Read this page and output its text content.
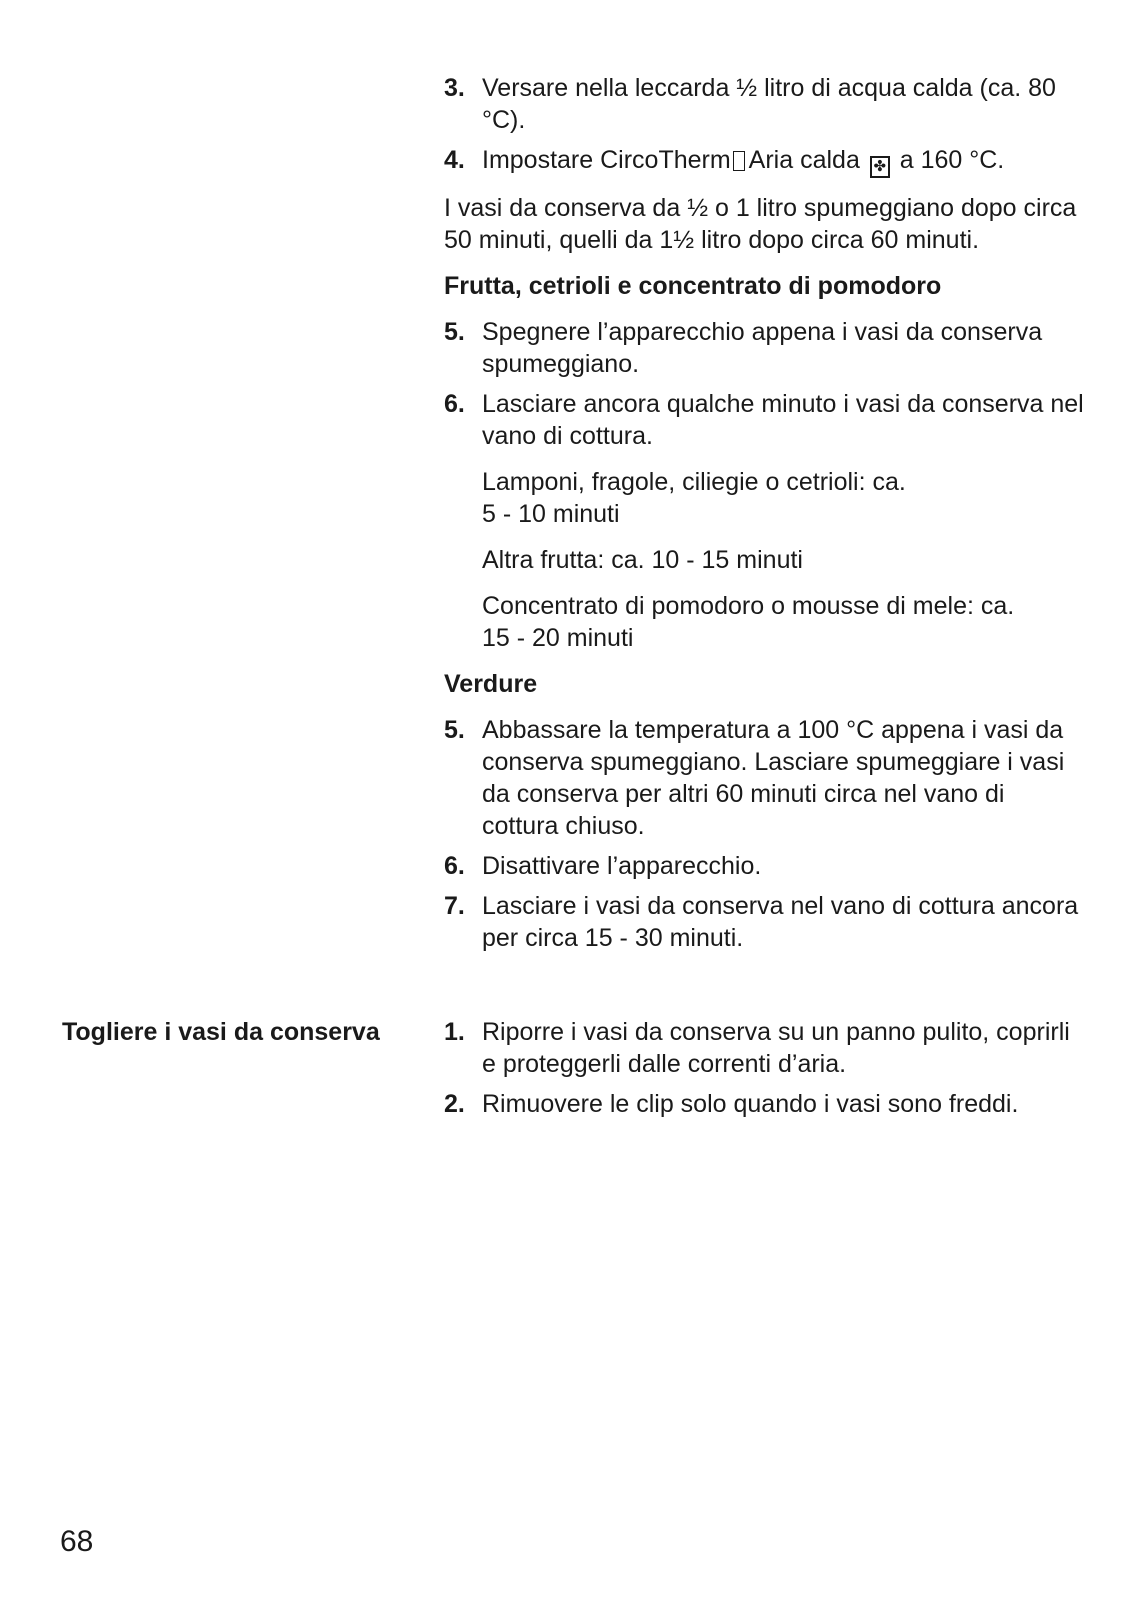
3. Versare nella leccarda ½ litro di acqua calda (ca. 80 °C).
4. Impostare CircoTherm Aria calda ✤ a 160 °C.

I vasi da conserva da ½ o 1 litro spumeggiano dopo circa 50 minuti, quelli da 1½ litro dopo circa 60 minuti.

Frutta, cetrioli e concentrato di pomodoro
5. Spegnere l’apparecchio appena i vasi da conserva spumeggiano.
6. Lasciare ancora qualche minuto i vasi da conserva nel vano di cottura.

Lamponi, fragole, ciliegie o cetrioli: ca. 5 - 10 minuti

Altra frutta: ca. 10 - 15 minuti

Concentrato di pomodoro o mousse di mele: ca. 15 - 20 minuti

Verdure
5. Abbassare la temperatura a 100 °C appena i vasi da conserva spumeggiano. Lasciare spumeggiare i vasi da conserva per altri 60 minuti circa nel vano di cottura chiuso.
6. Disattivare l’apparecchio.
7. Lasciare i vasi da conserva nel vano di cottura ancora per circa 15 - 30 minuti.
Togliere i vasi da conserva	1. Riporre i vasi da conserva su un panno pulito, coprirli e proteggerli dalle correnti d’aria.
2. Rimuovere le clip solo quando i vasi sono freddi.
68
